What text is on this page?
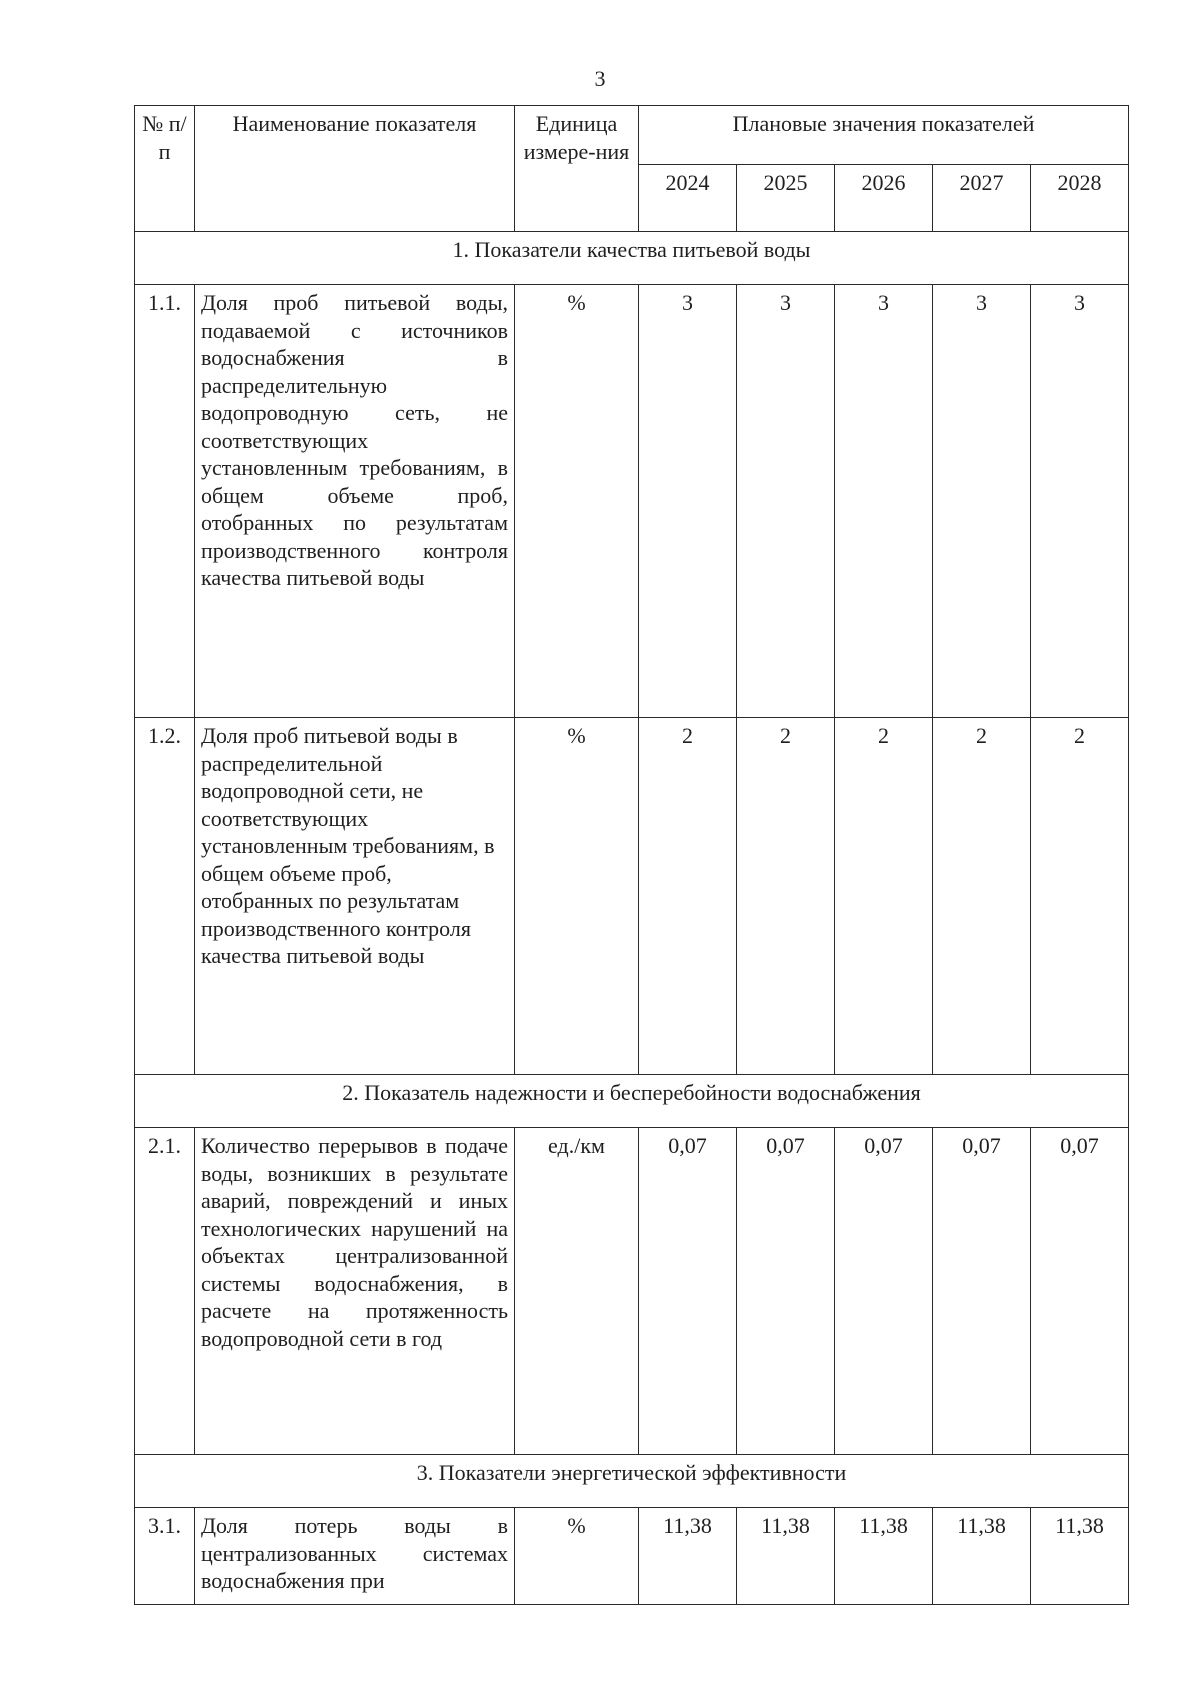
3
№ п/п	Наименование показателя	Единица измере-ния	Плановые значения показателей				
			2024	2025	2026	2027	2028
1. Показатели качества питьевой воды							
1.1.	Доля проб питьевой воды, подаваемой с источников водоснабжения в распределительную водопроводную сеть, не соответствующих установленным требованиям, в общем объеме проб, отобранных по результатам производственного контроля качества питьевой воды	%	3	3	3	3	3
1.2.	Доля проб питьевой воды в распределительной водопроводной сети, не соответствующих установленным требованиям, в общем объеме проб, отобранных по результатам производственного контроля качества питьевой воды	%	2	2	2	2	2
2. Показатель надежности и бесперебойности водоснабжения							
2.1.	Количество перерывов в подаче воды, возникших в результате аварий, повреждений и иных технологических нарушений на объектах централизованной системы водоснабжения, в расчете на протяженность водопроводной сети в год	ед./км	0,07	0,07	0,07	0,07	0,07
3. Показатели энергетической эффективности							
3.1.	Доля потерь воды в централизованных системах водоснабжения при	%	11,38	11,38	11,38	11,38	11,38
